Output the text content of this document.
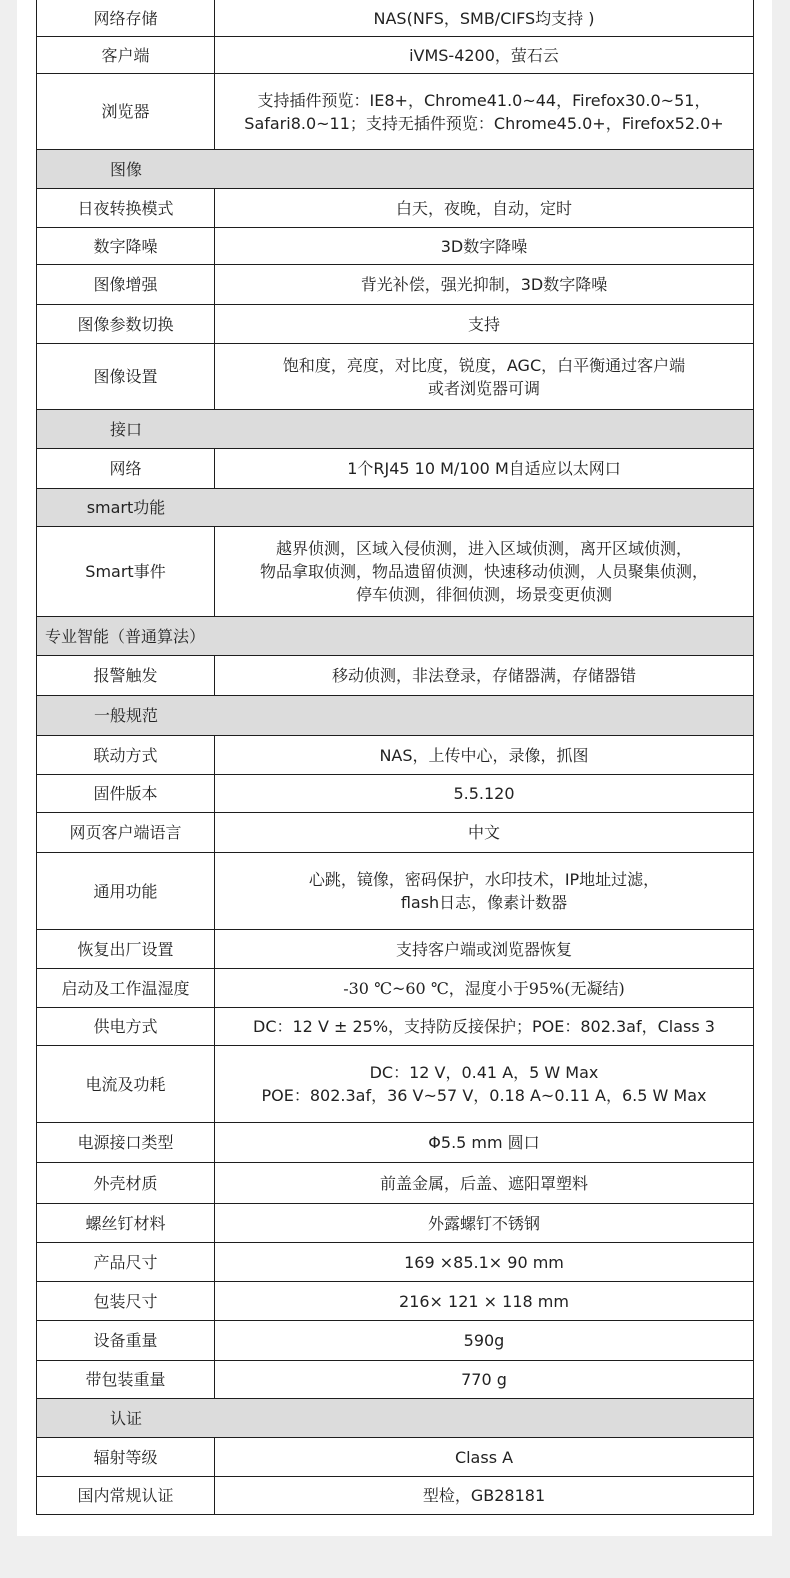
网络存储	NAS(NFS，SMB/CIFS均支持 )

客户端	iVMS-4200，萤石云

浏览器	支持插件预览：IE8+，Chrome41.0~44，Firefox30.0~51，
Safari8.0~11；支持无插件预览：Chrome45.0+，Firefox52.0+

图像	
日夜转换模式	白天，夜晚，自动，定时

数字降噪	3D数字降噪

图像增强	背光补偿，强光抑制，3D数字降噪

图像参数切换	支持

图像设置	饱和度，亮度，对比度，锐度，AGC，白平衡通过客户端
或者浏览器可调

接口	
网络	1个RJ45 10 M/100 M自适应以太网口

smart功能	
Smart事件	越界侦测，区域入侵侦测，进入区域侦测，离开区域侦测，
物品拿取侦测，物品遗留侦测，快速移动侦测，人员聚集侦测，
停车侦测，徘徊侦测，场景变更侦测

专业智能（普通算法）	
报警触发	移动侦测，非法登录，存储器满，存储器错

一般规范	
联动方式	NAS，上传中心，录像，抓图

固件版本	5.5.120

网页客户端语言	中文

通用功能	心跳，镜像，密码保护，水印技术，IP地址过滤，
flash日志，像素计数器

恢复出厂设置	支持客户端或浏览器恢复

启动及工作温湿度	-30 ℃~60 ℃，湿度小于95%(无凝结)

供电方式	DC：12 V ± 25%，支持防反接保护；POE：802.3af，Class 3

电流及功耗	DC：12 V，0.41 A，5 W Max
POE：802.3af，36 V~57 V，0.18 A~0.11 A，6.5 W Max

电源接口类型	Φ5.5 mm 圆口

外壳材质	前盖金属，后盖、遮阳罩塑料

螺丝钉材料	外露螺钉不锈钢

产品尺寸	169 ×85.1× 90 mm

包装尺寸	216× 121 × 118 mm

设备重量	590g

带包装重量	770 g

认证	
辐射等级	Class A

国内常规认证	型检，GB28181
